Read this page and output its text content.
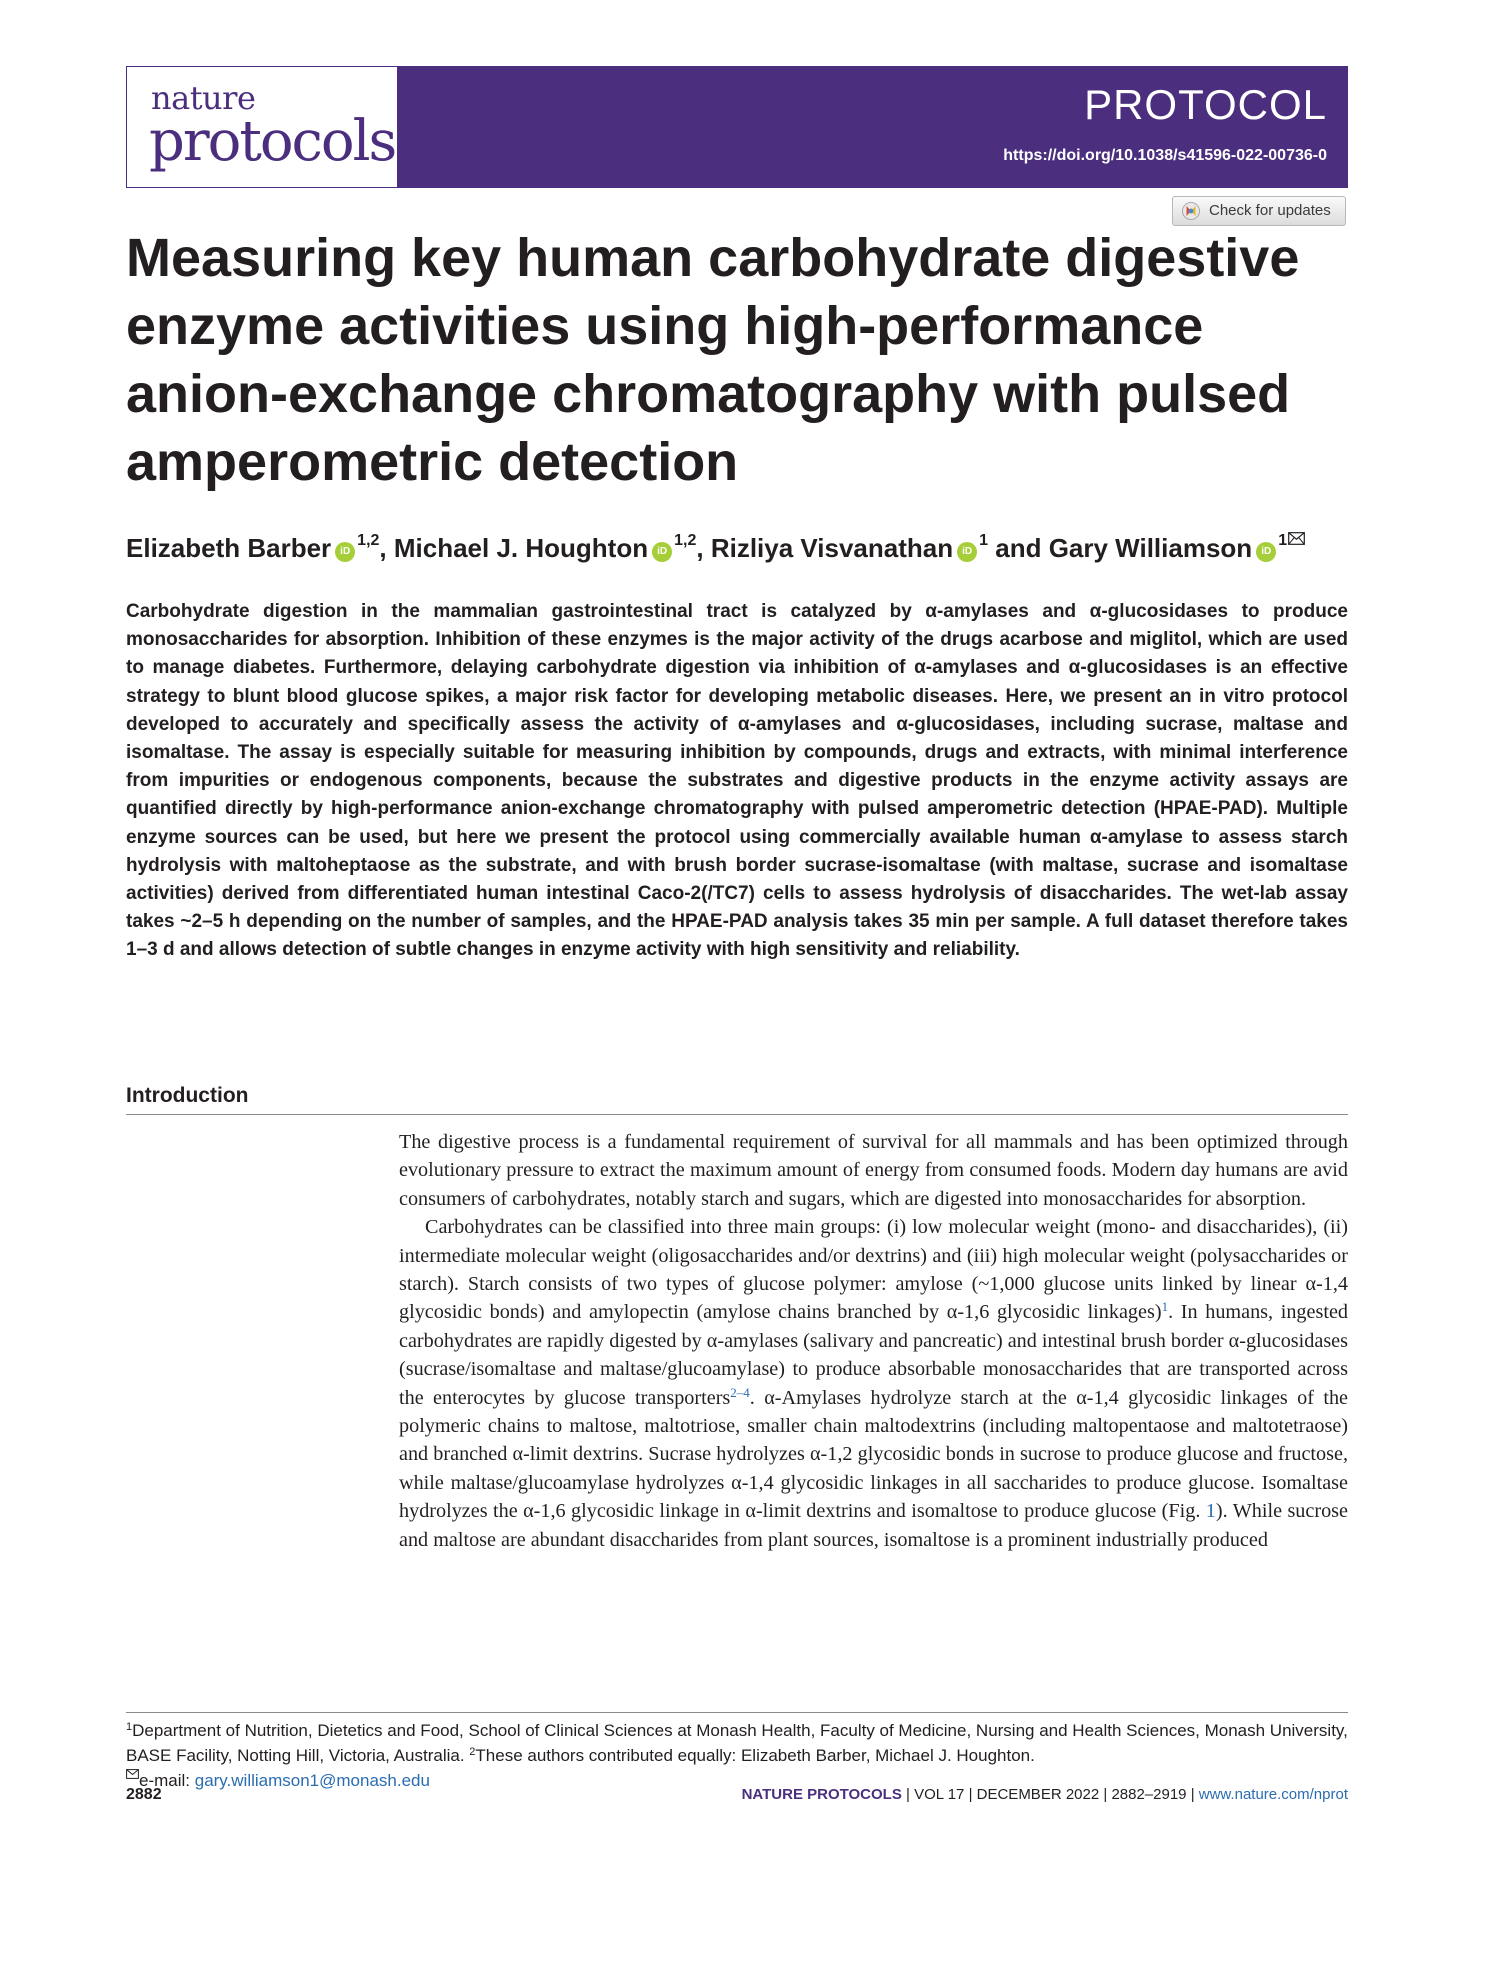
nature
protocols
PROTOCOL
https://doi.org/10.1038/s41596-022-00736-0
Check for updates
Measuring key human carbohydrate digestive enzyme activities using high-performance anion-exchange chromatography with pulsed amperometric detection
Elizabeth Barber iD$^{1,2}$, Michael J. Houghton iD$^{1,2}$, Rizliya Visvanathan iD$^1$ and Gary Williamson iD$^1$

Carbohydrate digestion in the mammalian gastrointestinal tract is catalyzed by α-amylases and α-glucosidases to produce monosaccharides for absorption. Inhibition of these enzymes is the major activity of the drugs acarbose and miglitol, which are used to manage diabetes. Furthermore, delaying carbohydrate digestion via inhibition of α-amylases and α-glucosidases is an effective strategy to blunt blood glucose spikes, a major risk factor for developing metabolic diseases. Here, we present an in vitro protocol developed to accurately and specifically assess the activity of α-amylases and α-glucosidases, including sucrase, maltase and isomaltase. The assay is especially suitable for measuring inhibition by compounds, drugs and extracts, with minimal interference from impurities or endogenous components, because the substrates and digestive products in the enzyme activity assays are quantified directly by high-performance anion-exchange chromatography with pulsed amperometric detection (HPAE-PAD). Multiple enzyme sources can be used, but here we present the protocol using commercially available human α-amylase to assess starch hydrolysis with maltoheptaose as the substrate, and with brush border sucrase-isomaltase (with maltase, sucrase and isomaltase activities) derived from differentiated human intestinal Caco-2(/TC7) cells to assess hydrolysis of disaccharides. The wet-lab assay takes ~2–5 h depending on the number of samples, and the HPAE-PAD analysis takes 35 min per sample. A full dataset therefore takes 1–3 d and allows detection of subtle changes in enzyme activity with high sensitivity and reliability.

Introduction

The digestive process is a fundamental requirement of survival for all mammals and has been optimized through evolutionary pressure to extract the maximum amount of energy from consumed foods. Modern day humans are avid consumers of carbohydrates, notably starch and sugars, which are digested into monosaccharides for absorption.

Carbohydrates can be classified into three main groups: (i) low molecular weight (mono- and disaccharides), (ii) intermediate molecular weight (oligosaccharides and/or dextrins) and (iii) high molecular weight (polysaccharides or starch). Starch consists of two types of glucose polymer: amylose (~1,000 glucose units linked by linear α-1,4 glycosidic bonds) and amylopectin (amylose chains branched by α-1,6 glycosidic linkages)$^1$. In humans, ingested carbohydrates are rapidly digested by α-amylases (salivary and pancreatic) and intestinal brush border α-glucosidases (sucrase/isomaltase and maltase/glucoamylase) to produce absorbable monosaccharides that are transported across the enterocytes by glucose transporters$^{2-4}$. α-Amylases hydrolyze starch at the α-1,4 glycosidic linkages of the polymeric chains to maltose, maltotriose, smaller chain maltodextrins (including maltopentaose and maltotetraose) and branched α-limit dextrins. Sucrase hydrolyzes α-1,2 glycosidic bonds in sucrose to produce glucose and fructose, while maltase/glucoamylase hydrolyzes α-1,4 glycosidic linkages in all saccharides to produce glucose. Isomaltase hydrolyzes the α-1,6 glycosidic linkage in α-limit dextrins and isomaltose to produce glucose (Fig. 1). While sucrose and maltose are abundant disaccharides from plant sources, isomaltose is a prominent industrially produced

$^1$Department of Nutrition, Dietetics and Food, School of Clinical Sciences at Monash Health, Faculty of Medicine, Nursing and Health Sciences, Monash University, BASE Facility, Notting Hill, Victoria, Australia. $^2$These authors contributed equally: Elizabeth Barber, Michael J. Houghton.

e-mail: gary.williamson1@monash.edu
2882	NATURE PROTOCOLS | VOL 17 | DECEMBER 2022 | 2882–2919 | www.nature.com/nprot
